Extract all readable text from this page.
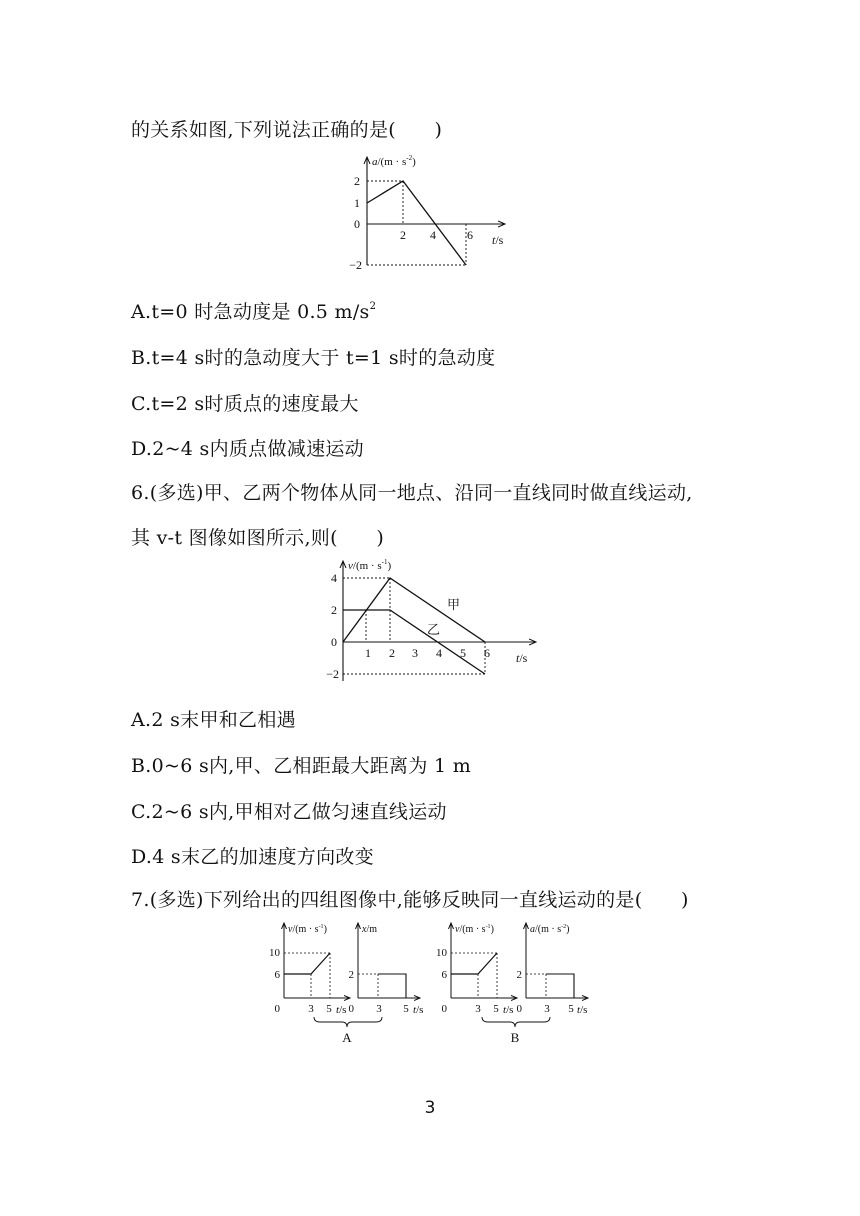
的关系如图,下列说法正确的是(　　)
$a/(m \cdot s^{-2})$
2
1
0
−2
2 4	6 t/s
A.t=0 时急动度是 0.5 $m/s^2$
B.t=4 s时的急动度大于 t=1 s时的急动度
C.t=2 s时质点的速度最大
D.2~4 s内质点做减速运动
6.(多选)甲、乙两个物体从同一地点、沿同一直线同时做直线运动,
其 v-t 图像如图所示,则(　　)
$v/(m \cdot s^{-1})$
4
2
0
−2
1 2 3 4 5 6 t/s
甲
乙
A.2 s末甲和乙相遇
B.0~6 s内,甲、乙相距最大距离为 1 m
C.2~6 s内,甲相对乙做匀速直线运动
D.4 s末乙的加速度方向改变
7.(多选)下列给出的四组图像中,能够反映同一直线运动的是(　　)
$v/(m \cdot s^{-1})$
10
6
0	3 5 t/s
x/m
2
0 3 5 t/s
A
$v/(m \cdot s^{-1})$
10
6
0	3 5 t/s
$a/(m \cdot s^{-2})$
2
0 3 5 t/s
B
3
